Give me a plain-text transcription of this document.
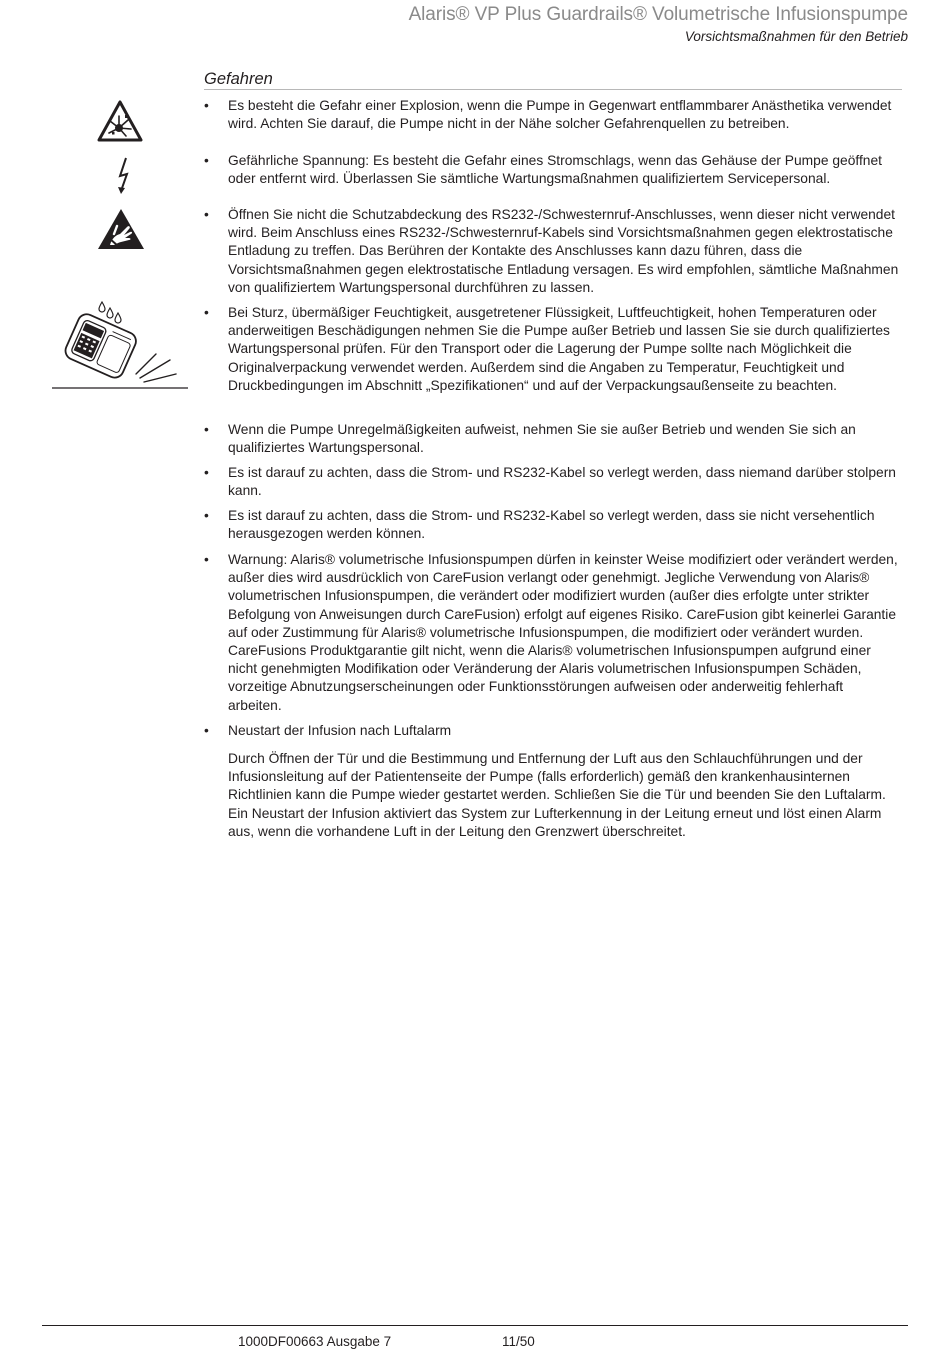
Alaris® VP Plus Guardrails® Volumetrische Infusionspumpe
Vorsichtsmaßnahmen für den Betrieb
Gefahren
• Es besteht die Gefahr einer Explosion, wenn die Pumpe in Gegenwart entflammbarer Anästhetika verwendet wird. Achten Sie darauf, die Pumpe nicht in der Nähe solcher Gefahrenquellen zu betreiben.

• Gefährliche Spannung: Es besteht die Gefahr eines Stromschlags, wenn das Gehäuse der Pumpe geöffnet oder entfernt wird. Überlassen Sie sämtliche Wartungsmaßnahmen qualifiziertem Servicepersonal.

• Öffnen Sie nicht die Schutzabdeckung des RS232-/Schwesternruf-Anschlusses, wenn dieser nicht verwendet wird. Beim Anschluss eines RS232-/Schwesternruf-Kabels sind Vorsichtsmaßnahmen gegen elektrostatische Entladung zu treffen. Das Berühren der Kontakte des Anschlusses kann dazu führen, dass die Vorsichtsmaßnahmen gegen elektrostatische Entladung versagen. Es wird empfohlen, sämtliche Maßnahmen von qualifiziertem Wartungspersonal durchführen zu lassen.

• Bei Sturz, übermäßiger Feuchtigkeit, ausgetretener Flüssigkeit, Luftfeuchtigkeit, hohen Temperaturen oder anderweitigen Beschädigungen nehmen Sie die Pumpe außer Betrieb und lassen Sie sie durch qualifiziertes Wartungspersonal prüfen. Für den Transport oder die Lagerung der Pumpe sollte nach Möglichkeit die Originalverpackung verwendet werden. Außerdem sind die Angaben zu Temperatur, Feuchtigkeit und Druckbedingungen im Abschnitt „Spezifikationen“ und auf der Verpackungsaußenseite zu beachten.

• Wenn die Pumpe Unregelmäßigkeiten aufweist, nehmen Sie sie außer Betrieb und wenden Sie sich an qualifiziertes Wartungspersonal.

• Es ist darauf zu achten, dass die Strom- und RS232-Kabel so verlegt werden, dass niemand darüber stolpern kann.

• Es ist darauf zu achten, dass die Strom- und RS232-Kabel so verlegt werden, dass sie nicht versehentlich herausgezogen werden können.

• Warnung: Alaris® volumetrische Infusionspumpen dürfen in keinster Weise modifiziert oder verändert werden, außer dies wird ausdrücklich von CareFusion verlangt oder genehmigt. Jegliche Verwendung von Alaris® volumetrischen Infusionspumpen, die verändert oder modifiziert wurden (außer dies erfolgte unter strikter Befolgung von Anweisungen durch CareFusion) erfolgt auf eigenes Risiko. CareFusion gibt keinerlei Garantie auf oder Zustimmung für Alaris® volumetrische Infusionspumpen, die modifiziert oder verändert wurden. CareFusions Produktgarantie gilt nicht, wenn die Alaris® volumetrischen Infusionspumpen aufgrund einer nicht genehmigten Modifikation oder Veränderung der Alaris volumetrischen Infusionspumpen Schäden, vorzeitige Abnutzungserscheinungen oder Funktionsstörungen aufweisen oder anderweitig fehlerhaft arbeiten.

• Neustart der Infusion nach Luftalarm

Durch Öffnen der Tür und die Bestimmung und Entfernung der Luft aus den Schlauchführungen und der Infusionsleitung auf der Patientenseite der Pumpe (falls erforderlich) gemäß den krankenhausinternen Richtlinien kann die Pumpe wieder gestartet werden. Schließen Sie die Tür und beenden Sie den Luftalarm. Ein Neustart der Infusion aktiviert das System zur Lufterkennung in der Leitung erneut und löst einen Alarm aus, wenn die vorhandene Luft in der Leitung den Grenzwert überschreitet.

1000DF00663 Ausgabe 7	11/50
